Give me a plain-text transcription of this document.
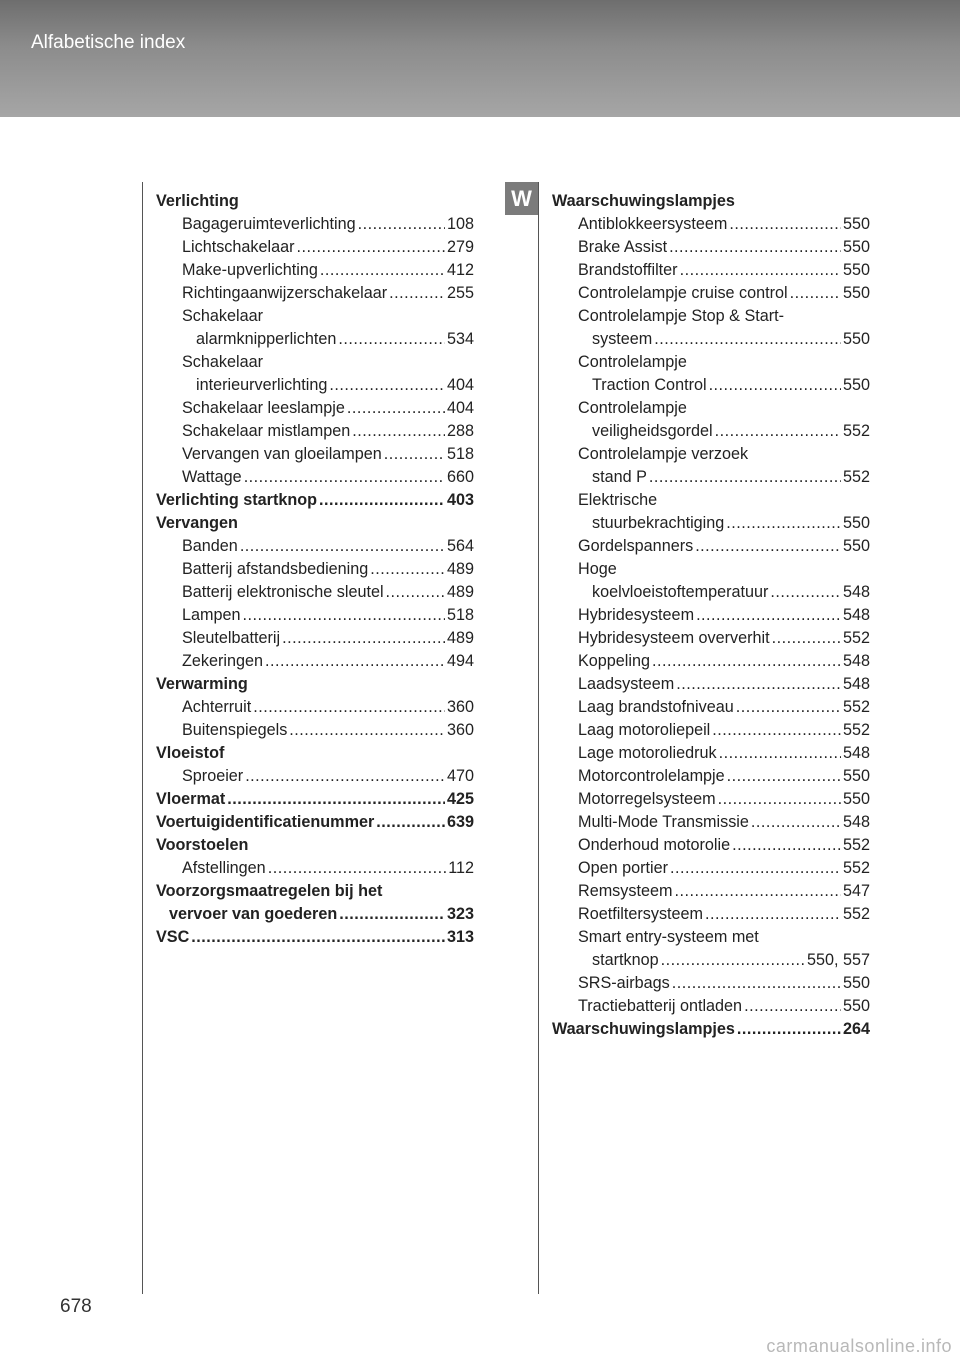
Alfabetische index
W
Verlichting
Bagageruimteverlichting .....	108
Lichtschakelaar .....	279
Make-upverlichting .....	412
Richtingaanwijzerschakelaar .....	255
Schakelaar
alarmknipperlichten .....	534
Schakelaar
interieurverlichting .....	404
Schakelaar leeslampje .....	404
Schakelaar mistlampen .....	288
Vervangen van gloeilampen .....	518
Wattage .....	660
Verlichting startknop .....	403
Vervangen
Banden .....	564
Batterij afstandsbediening .....	489
Batterij elektronische sleutel .....	489
Lampen .....	518
Sleutelbatterij .....	489
Zekeringen .....	494
Verwarming
Achterruit .....	360
Buitenspiegels .....	360
Vloeistof
Sproeier .....	470
Vloermat .....	425
Voertuigidentificatienummer .....	639
Voorstoelen
Afstellingen .....	112
Voorzorgsmaatregelen bij het
vervoer van goederen .....	323
VSC .....	313
Waarschuwingslampjes
Antiblokkeersysteem .....	550
Brake Assist .....	550
Brandstoffilter .....	550
Controlelampje cruise control .....	550
Controlelampje Stop & Start-
systeem .....	550
Controlelampje
Traction Control .....	550
Controlelampje
veiligheidsgordel .....	552
Controlelampje verzoek
stand P .....	552
Elektrische
stuurbekrachtiging .....	550
Gordelspanners .....	550
Hoge
koelvloeistoftemperatuur .....	548
Hybridesysteem .....	548
Hybridesysteem oververhit .....	552
Koppeling .....	548
Laadsysteem .....	548
Laag brandstofniveau .....	552
Laag motoroliepeil .....	552
Lage motoroliedruk .....	548
Motorcontrolelampje .....	550
Motorregelsysteem .....	550
Multi-Mode Transmissie .....	548
Onderhoud motorolie .....	552
Open portier .....	552
Remsysteem .....	547
Roetfiltersysteem .....	552
Smart entry-systeem met
startknop .....	550, 557
SRS-airbags .....	550
Tractiebatterij ontladen .....	550
Waarschuwingslampjes .....	264
678
carmanualsonline.info
